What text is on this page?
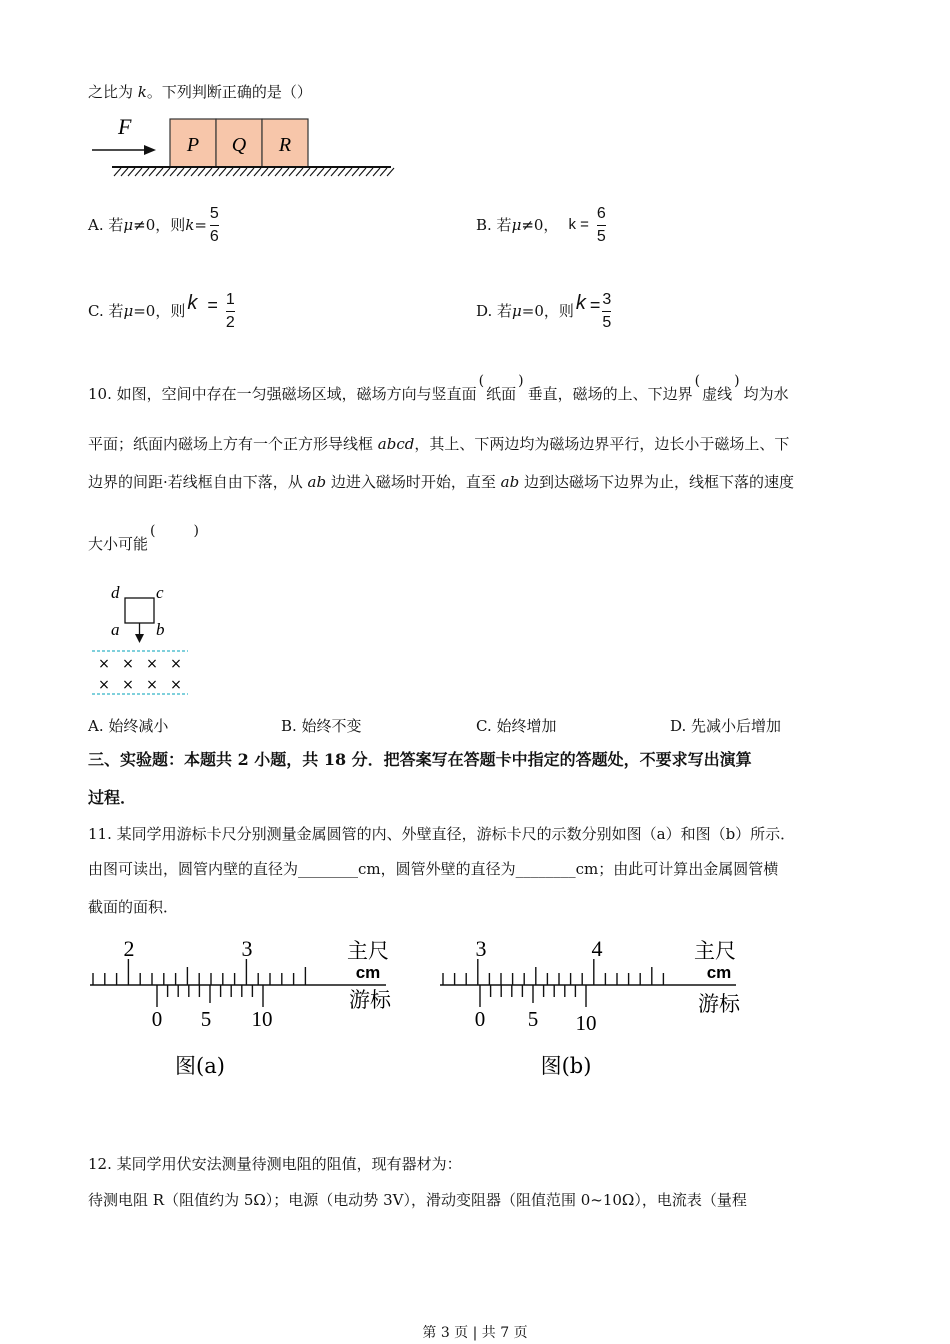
之比为 k。下列判断正确的是（）
F
P Q R
A. 若 μ ≠0，则 $k = \frac{5}{6}$	B. 若 μ ≠0， $k = \frac{6}{5}$
C. 若 μ =0，则 $k = \frac{1}{2}$	D. 若 μ =0，则 $k = \frac{3}{5}$
10. 如图，空间中存在一匀强磁场区域，磁场方向与竖直面(纸面)垂直，磁场的上、下边界(虚线)均为水
平面；纸面内磁场上方有一个正方形导线框 abcd，其上、下两边均为磁场边界平行，边长小于磁场上、下
边界的间距·若线框自由下落，从 ab 边进入磁场时开始，直至 ab 边到达磁场下边界为止，线框下落的速度
大小可能(	)
d c
a b
× × × ×
× × × ×
A. 始终减小	B. 始终不变	C. 始终增加	D. 先减小后增加
三、实验题：本题共 2 小题，共 18 分．把答案写在答题卡中指定的答题处，不要求写出演算
过程．
11. 某同学用游标卡尺分别测量金属圆管的内、外壁直径，游标卡尺的示数分别如图（a）和图（b）所示．
由图可读出，圆管内壁的直径为________cm，圆管外壁的直径为________cm；由此可计算出金属圆管横
截面的面积．
2	3
0 5 10
主尺
cm
游标
图(a)
3	4
0 5 10
主尺
cm
游标
图(b)
12. 某同学用伏安法测量待测电阻的阻值，现有器材为：
待测电阻 R（阻值约为 5Ω）；电源（电动势 3V），滑动变阻器（阻值范围 0~10Ω），电流表（量程
第 3 页 | 共 7 页
